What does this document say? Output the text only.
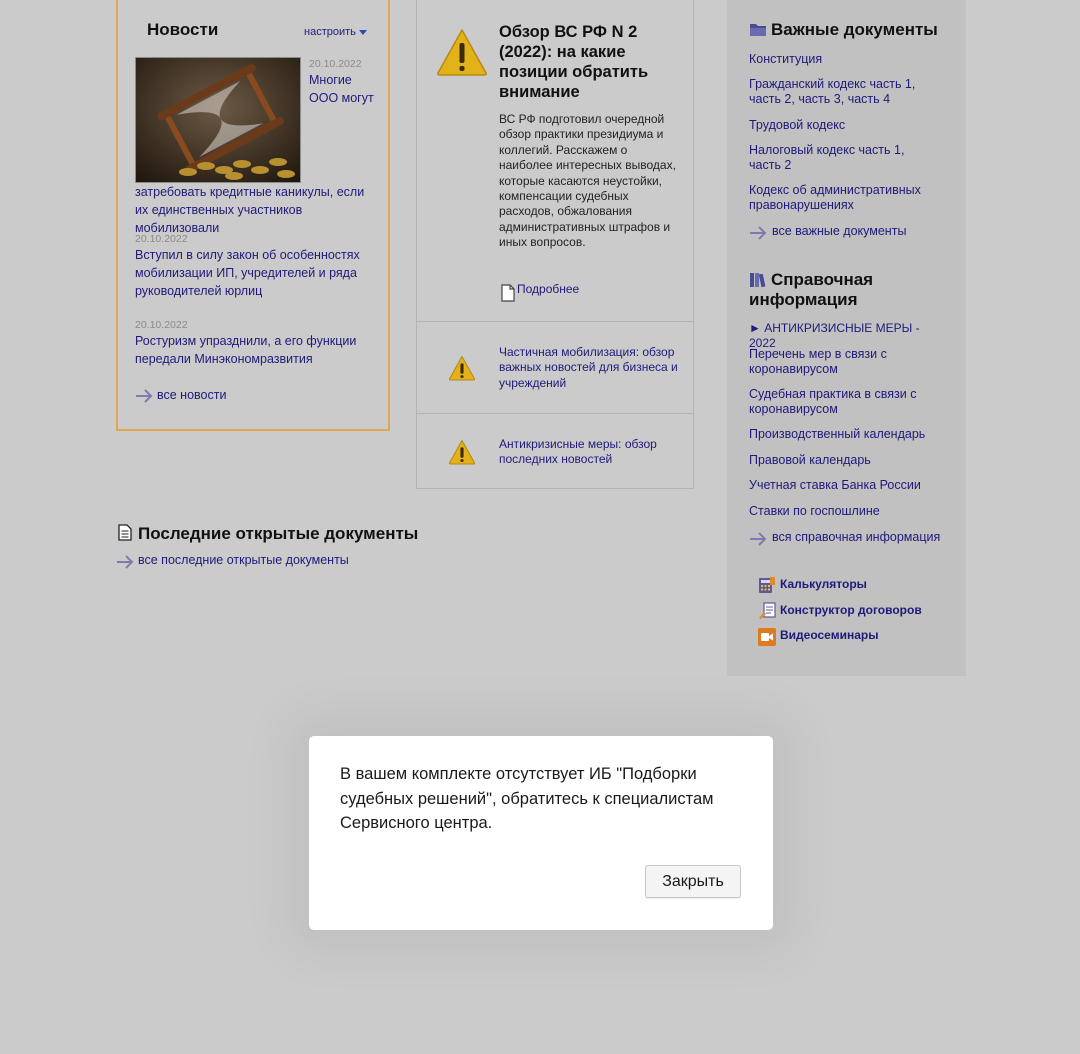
Новости	настроить
20.10.2022
Многие ООО могут затребовать кредитные каникулы, если их единственных участников мобилизовали
20.10.2022
Вступил в силу закон об особенностях мобилизации ИП, учредителей и ряда руководителей юрлиц
20.10.2022
Ростуризм упразднили, а его функции передали Минэкономразвития
все новости
Обзор ВС РФ N 2 (2022): на какие позиции обратить внимание
ВС РФ подготовил очередной обзор практики президиума и коллегий. Расскажем о наиболее интересных выводах, которые касаются неустойки, компенсации судебных расходов, обжалования административных штрафов и иных вопросов.
Подробнее
Частичная мобилизация: обзор важных новостей для бизнеса и учреждений
Антикризисные меры: обзор последних новостей
Последние открытые документы
все последние открытые документы
Важные документы
Конституция
Гражданский кодекс часть 1,
часть 2, часть 3, часть 4
Трудовой кодекс
Налоговый кодекс часть 1,
часть 2
Кодекс об административных правонарушениях
все важные документы
Справочная информация
► АНТИКРИЗИСНЫЕ МЕРЫ - 2022
Перечень мер в связи с коронавирусом
Судебная практика в связи с коронавирусом
Производственный календарь
Правовой календарь
Учетная ставка Банка России
Ставки по госпошлине
вся справочная информация
Калькуляторы
Конструктор договоров
Видеосеминары
В вашем комплекте отсутствует ИБ "Подборки судебных решений", обратитесь к специалистам Сервисного центра.
Закрыть
